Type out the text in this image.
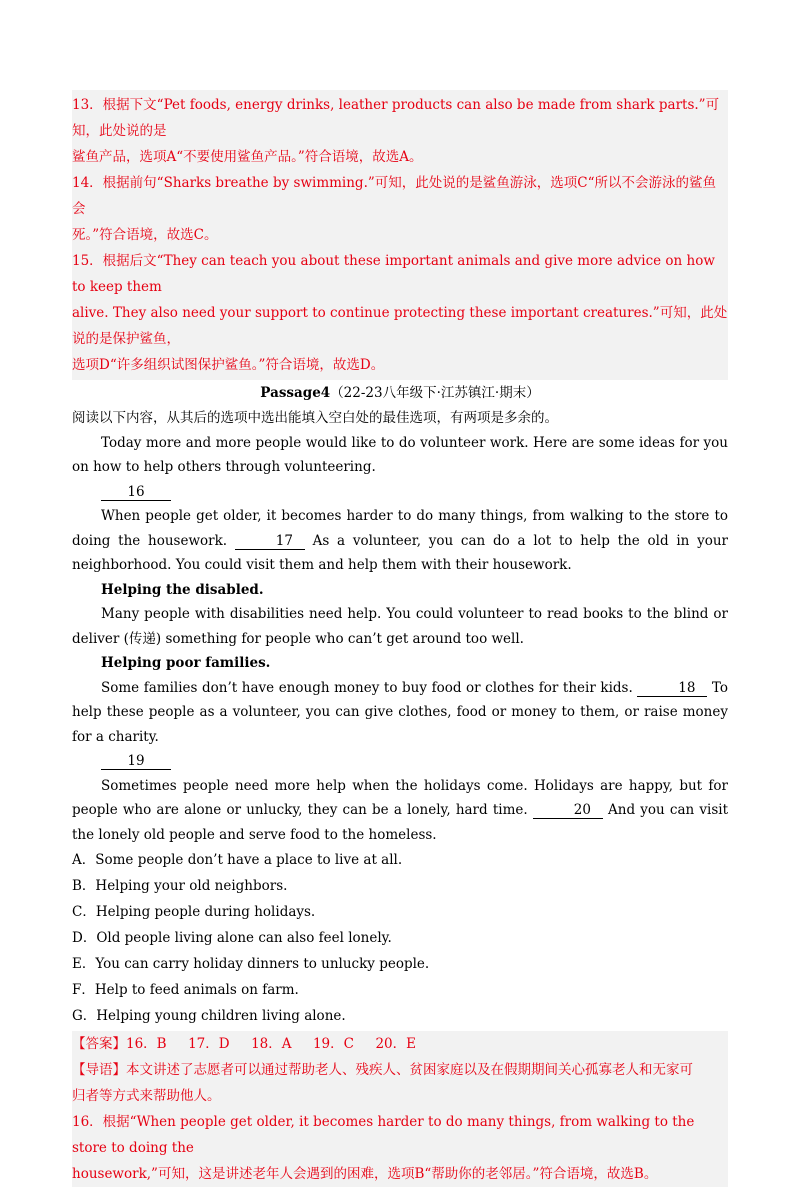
13．根据下文“Pet foods, energy drinks, leather products can also be made from shark parts.”可知，此处说的是

鲨鱼产品，选项A“不要使用鲨鱼产品。”符合语境，故选A。

14．根据前句“Sharks breathe by swimming.”可知，此处说的是鲨鱼游泳，选项C“所以不会游泳的鲨鱼会

死。”符合语境，故选C。

15．根据后文“They can teach you about these important animals and give more advice on how to keep them

alive. They also need your support to continue protecting these important creatures.”可知，此处说的是保护鲨鱼，

选项D“许多组织试图保护鲨鱼。”符合语境，故选D。

Passage4（22-23八年级下·江苏镇江·期末）

阅读以下内容，从其后的选项中选出能填入空白处的最佳选项，有两项是多余的。

Today more and more people would like to do volunteer work. Here are some ideas for you on how to help others through volunteering.

16

When people get older, it becomes harder to do many things, from walking to the store to doing the housework.	17 As a volunteer, you can do a lot to help the old in your neighborhood. You could visit them and help them with their housework.

Helping the disabled.

Many people with disabilities need help. You could volunteer to read books to the blind or deliver (传递) something for people who can’t get around too well.

Helping poor families.

Some families don’t have enough money to buy food or clothes for their kids.	18 To help these people as a volunteer, you can give clothes, food or money to them, or raise money for a charity.

19

Sometimes people need more help when the holidays come. Holidays are happy, but for people who are alone or unlucky, they can be a lonely, hard time.	20 And you can visit the lonely old people and serve food to the homeless.

A．Some people don’t have a place to live at all.

B．Helping your old neighbors.

C．Helping people during holidays.

D．Old people living alone can also feel lonely.

E．You can carry holiday dinners to unlucky people.

F．Help to feed animals on farm.

G．Helping young children living alone.

【答案】16．B 17．D 18．A 19．C 20．E

【导语】本文讲述了志愿者可以通过帮助老人、残疾人、贫困家庭以及在假期期间关心孤寡老人和无家可

归者等方式来帮助他人。

16．根据“When people get older, it becomes harder to do many things, from walking to the store to doing the

housework,”可知，这是讲述老年人会遇到的困难，选项B“帮助你的老邻居。”符合语境，故选B。
